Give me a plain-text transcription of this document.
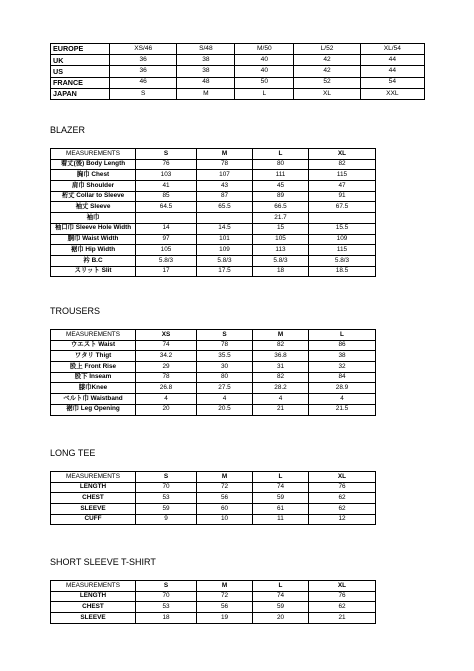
EUROPE	XS/46	S/48	M/50	L/52	XL/54
UK	36	38	40	42	44
US	36	38	40	42	44
FRANCE	46	48	50	52	54
JAPAN	S	M	L	XL	XXL

BLAZER

MEASUREMENTS	S	M	L	XL
着丈(後) Body Length	76	78	80	82
胸巾 Chest	103	107	111	115
肩巾 Shoulder	41	43	45	47
裄丈 Collar to Sleeve	85	87	89	91
袖丈 Sleeve	64.5	65.5	66.5	67.5
袖巾			21.7	
袖口巾 Sleeve Hole Width	14	14.5	15	15.5
胴巾 Waist Width	97	101	105	109
裾巾 Hip Width	105	109	113	115
衿 B.C	5.8/3	5.8/3	5.8/3	5.8/3
スリット Slit	17	17.5	18	18.5

TROUSERS

MEASUREMENTS	XS	S	M	L
ウエスト Waist	74	78	82	86
ワタリ Thigt	34.2	35.5	36.8	38
股上 Front Rise	29	30	31	32
股下 Inseam	78	80	82	84
膝巾Knee	26.8	27.5	28.2	28.9
ベルト巾 Waistband	4	4	4	4
裾巾 Leg Opening	20	20.5	21	21.5

LONG TEE

MEASUREMENTS	S	M	L	XL
LENGTH	70	72	74	76
CHEST	53	56	59	62
SLEEVE	59	60	61	62
CUFF	9	10	11	12

SHORT SLEEVE T-SHIRT

MEASUREMENTS	S	M	L	XL
LENGTH	70	72	74	76
CHEST	53	56	59	62
SLEEVE	18	19	20	21
